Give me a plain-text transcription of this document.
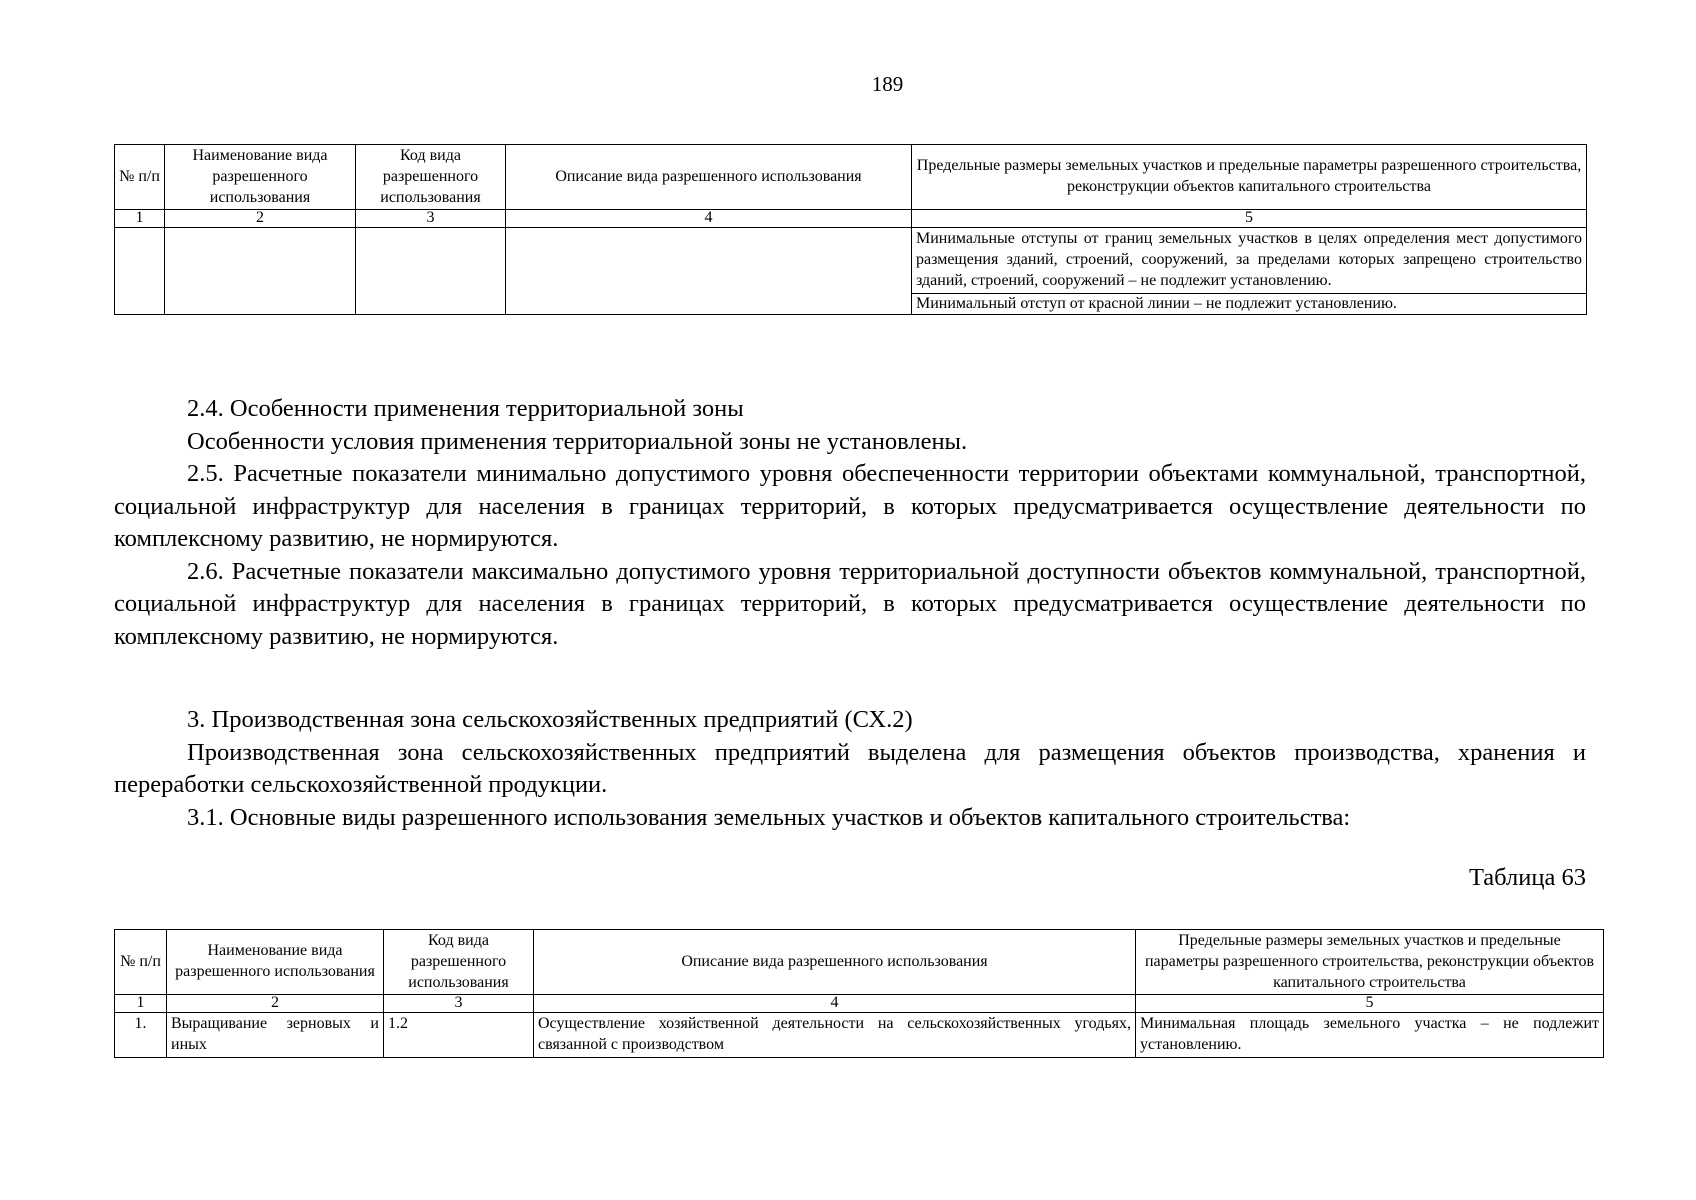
189
№ п/п	Наименование вида разрешенного использования	Код вида разрешенного использования	Описание вида разрешенного использования	Предельные размеры земельных участков и предельные параметры разрешенного строительства, реконструкции объектов капитального строительства
1	2	3	4	5

				Минимальные отступы от границ земельных участков в целях определения мест допустимого размещения зданий, строений, сооружений, за пределами которых запрещено строительство зданий, строений, сооружений – не подлежит установлению.
Минимальный отступ от красной линии – не подлежит установлению.

2.4. Особенности применения территориальной зоны

Особенности условия применения территориальной зоны не установлены.

2.5. Расчетные показатели минимально допустимого уровня обеспеченности территории объектами коммунальной, транспортной, социальной инфраструктур для населения в границах территорий, в которых предусматривается осуществление деятельности по комплексному развитию, не нормируются.

2.6. Расчетные показатели максимально допустимого уровня территориальной доступности объектов коммунальной, транспортной, социальной инфраструктур для населения в границах территорий, в которых предусматривается осуществление деятельности по комплексному развитию, не нормируются.

3. Производственная зона сельскохозяйственных предприятий (СХ.2)

Производственная зона сельскохозяйственных предприятий выделена для размещения объектов производства, хранения и переработки сельскохозяйственной продукции.

3.1. Основные виды разрешенного использования земельных участков и объектов капитального строительства:

Таблица 63
№ п/п	Наименование вида разрешенного использования	Код вида разрешенного использования	Описание вида разрешенного использования	Предельные размеры земельных участков и предельные параметры разрешенного строительства, реконструкции объектов капитального строительства
1	2	3	4	5
1.	Выращивание зерновых и иных	1.2	Осуществление хозяйственной деятельности на сельскохозяйственных угодьях, связанной с производством	Минимальная площадь земельного участка – не подлежит установлению.
